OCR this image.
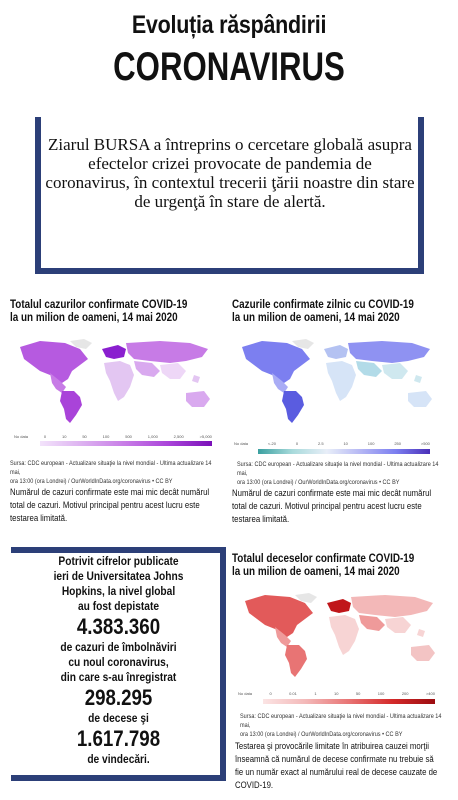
Evoluția răspândirii
CORONAVIRUS
Ziarul BURSA a întreprins o cercetare globală asupra efectelor crizei provocate de pandemia de coronavirus, în contextul trecerii ţării noastre din stare de urgenţă în stare de alertă.
Totalul cazurilor confirmate COVID-19
la un milion de oameni, 14 mai 2020
No data	0	10	50	100	500	1,000	2,500	>5,000
Sursa: CDC european - Actualizare situaţie la nivel mondial - Ultima actualizare 14 mai,
ora 13:00 (ora Londrei) / OurWorldInData.org/coronavirus • CC BY
Numărul de cazuri confirmate este mai mic decât numărul total de cazuri. Motivul principal pentru acest lucru este testarea limitată.
Cazurile confirmate zilnic cu COVID-19
la un milion de oameni, 14 mai 2020
No data	<-20	0	2.5	10	100	250	>500
Sursa: CDC european - Actualizare situaţie la nivel mondial - Ultima actualizare 14 mai,
ora 13:00 (ora Londrei) / OurWorldInData.org/coronavirus • CC BY
Numărul de cazuri confirmate este mai mic decât numărul total de cazuri. Motivul principal pentru acest lucru este testarea limitată.
Potrivit cifrelor publicate
ieri de Universitatea Johns
Hopkins, la nivel global
au fost depistate
4.383.360
de cazuri de îmbolnăviri
cu noul coronavirus,
din care s-au înregistrat
298.295
de decese şi
1.617.798
de vindecări.
Totalul deceselor confirmate COVID-19
la un milion de oameni, 14 mai 2020
No data	0	0.01	1	10	50	100	200	>400
Sursa: CDC european - Actualizare situaţie la nivel mondial - Ultima actualizare 14 mai,
ora 13:00 (ora Londrei) / OurWorldInData.org/coronavirus • CC BY
Testarea şi provocările limitate în atribuirea cauzei morţii înseamnă că numărul de decese confirmate nu trebuie să fie un număr exact al numărului real de decese cauzate de COVID-19.
